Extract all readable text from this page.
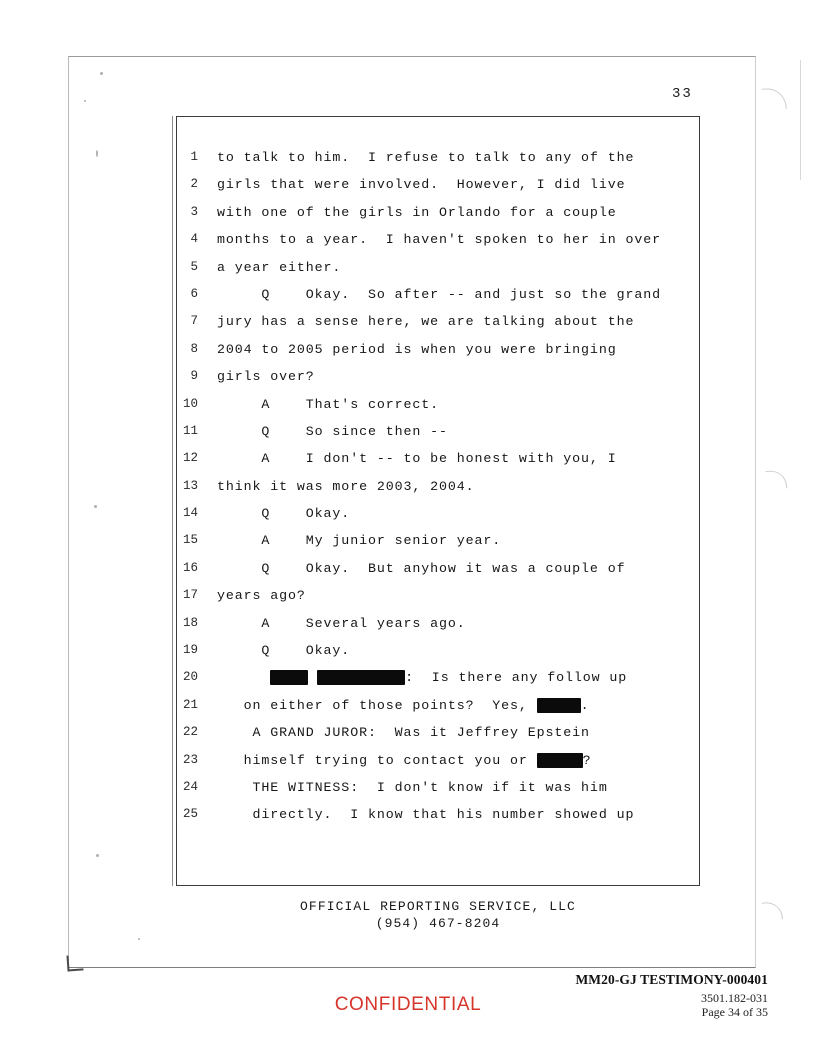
33
1	to talk to him.  I refuse to talk to any of the
2	girls that were involved.  However, I did live
3	with one of the girls in Orlando for a couple
4	months to a year.  I haven't spoken to her in over
5	a year either.
6	Q    Okay.  So after -- and just so the grand
7	jury has a sense here, we are talking about the
8	2004 to 2005 period is when you were bringing
9	girls over?
10	A    That's correct.
11	Q    So since then --
12	A    I don't -- to be honest with you, I
13	think it was more 2003, 2004.
14	Q    Okay.
15	A    My junior senior year.
16	Q    Okay.  But anyhow it was a couple of
17	years ago?
18	A    Several years ago.
19	Q    Okay.
20	:  Is there any follow up
21	on either of those points?  Yes,	.
22	A GRAND JUROR:  Was it Jeffrey Epstein
23	himself trying to contact you or	?
24	THE WITNESS:  I don't know if it was him
25	directly.  I know that his number showed up
OFFICIAL REPORTING SERVICE, LLC
(954) 467-8204
CONFIDENTIAL
MM20-GJ TESTIMONY-000401
3501.182-031
Page 34 of 35
